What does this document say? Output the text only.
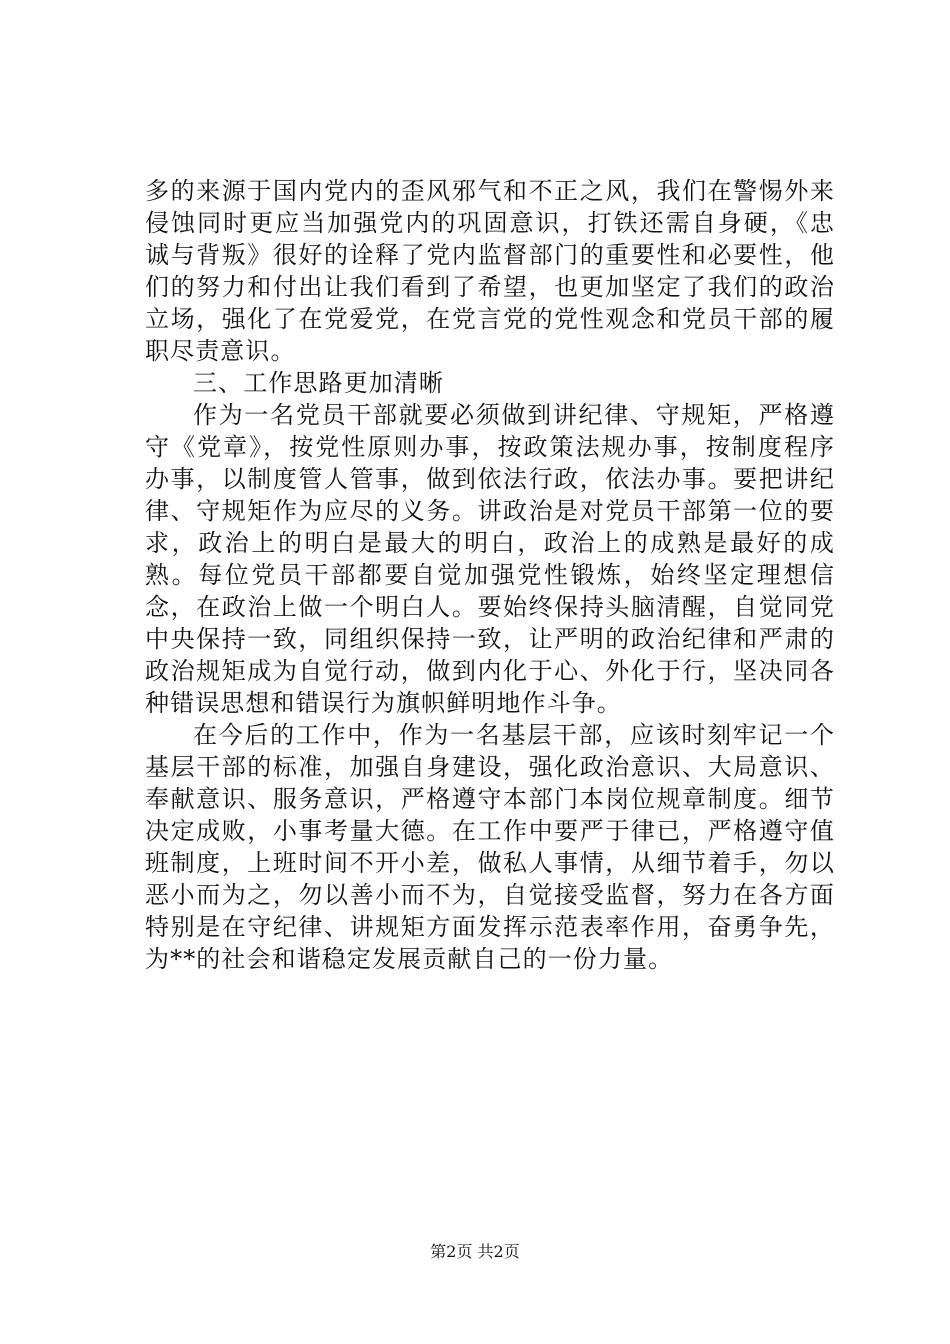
多的来源于国内党内的歪风邪气和不正之风，我们在警惕外来侵蚀同时更应当加强党内的巩固意识，打铁还需自身硬，《忠诚与背叛》很好的诠释了党内监督部门的重要性和必要性，他们的努力和付出让我们看到了希望，也更加坚定了我们的政治立场，强化了在党爱党，在党言党的党性观念和党员干部的履职尽责意识。

三、工作思路更加清晰

作为一名党员干部就要必须做到讲纪律、守规矩，严格遵守《党章》，按党性原则办事，按政策法规办事，按制度程序办事，以制度管人管事，做到依法行政，依法办事。要把讲纪律、守规矩作为应尽的义务。讲政治是对党员干部第一位的要求，政治上的明白是最大的明白，政治上的成熟是最好的成熟。每位党员干部都要自觉加强党性锻炼，始终坚定理想信念，在政治上做一个明白人。要始终保持头脑清醒，自觉同党中央保持一致，同组织保持一致，让严明的政治纪律和严肃的政治规矩成为自觉行动，做到内化于心、外化于行，坚决同各种错误思想和错误行为旗帜鲜明地作斗争。

在今后的工作中，作为一名基层干部，应该时刻牢记一个基层干部的标准，加强自身建设，强化政治意识、大局意识、奉献意识、服务意识，严格遵守本部门本岗位规章制度。细节决定成败，小事考量大德。在工作中要严于律已，严格遵守值班制度，上班时间不开小差，做私人事情，从细节着手，勿以恶小而为之，勿以善小而不为，自觉接受监督，努力在各方面特别是在守纪律、讲规矩方面发挥示范表率作用，奋勇争先，为**的社会和谐稳定发展贡献自己的一份力量。

第2页 共2页
